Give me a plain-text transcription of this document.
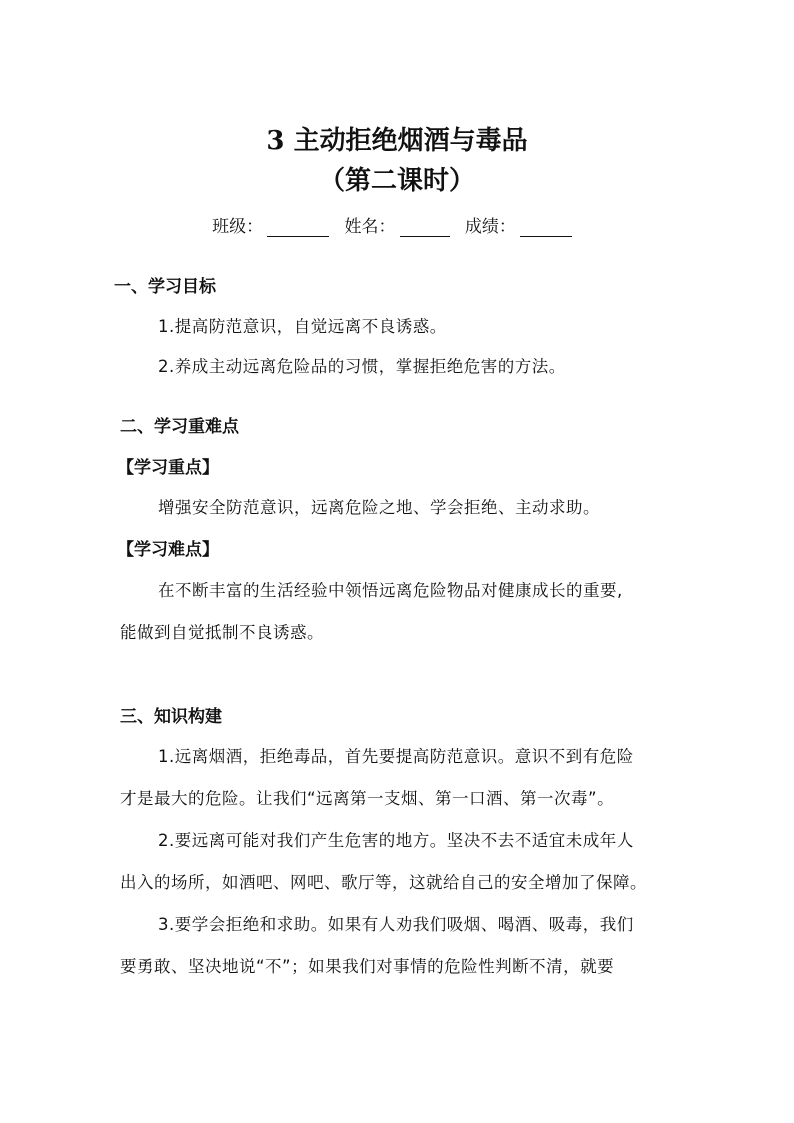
3 主动拒绝烟酒与毒品
（第二课时）
班级：	姓名：	成绩：
一、学习目标
1.提高防范意识，自觉远离不良诱惑。
2.养成主动远离危险品的习惯，掌握拒绝危害的方法。
二、学习重难点
【学习重点】
增强安全防范意识，远离危险之地、学会拒绝、主动求助。
【学习难点】
在不断丰富的生活经验中领悟远离危险物品对健康成长的重要,
能做到自觉抵制不良诱惑。
三、知识构建
1.远离烟酒，拒绝毒品，首先要提高防范意识。意识不到有危险
才是最大的危险。让我们“远离第一支烟、第一口酒、第一次毒”。
2.要远离可能对我们产生危害的地方。坚决不去不适宜未成年人
出入的场所，如酒吧、网吧、歌厅等，这就给自己的安全增加了保障。
3.要学会拒绝和求助。如果有人劝我们吸烟、喝酒、吸毒，我们
要勇敢、坚决地说“不”；如果我们对事情的危险性判断不清，就要
